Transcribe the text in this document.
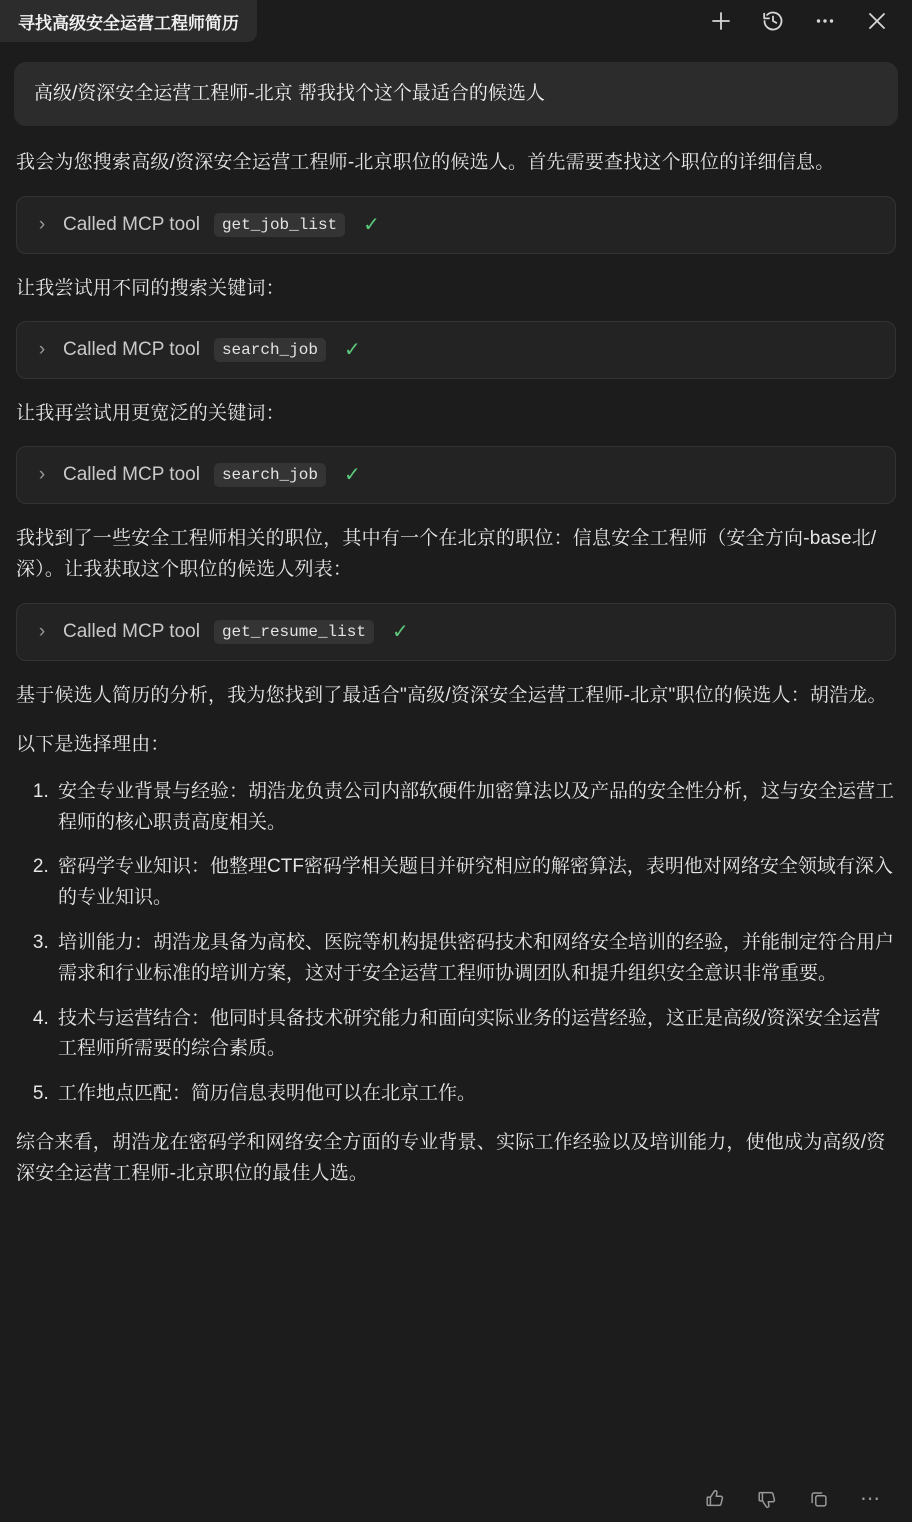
寻找高级安全运营工程师简历
高级/资深安全运营工程师-北京 帮我找个这个最适合的候选人

我会为您搜索高级/资深安全运营工程师-北京职位的候选人。首先需要查找这个职位的详细信息。

› Called MCP tool	get_job_list	✓

让我尝试用不同的搜索关键词：

› Called MCP tool	search_job	✓

让我再尝试用更宽泛的关键词：

› Called MCP tool	search_job	✓

我找到了一些安全工程师相关的职位，其中有一个在北京的职位：信息安全工程师（安全方向-base北/深）。让我获取这个职位的候选人列表：

› Called MCP tool	get_resume_list	✓

基于候选人简历的分析，我为您找到了最适合"高级/资深安全运营工程师-北京"职位的候选人：胡浩龙。

以下是选择理由：

1. 安全专业背景与经验：胡浩龙负责公司内部软硬件加密算法以及产品的安全性分析，这与安全运营工程师的核心职责高度相关。
2. 密码学专业知识：他整理CTF密码学相关题目并研究相应的解密算法，表明他对网络安全领域有深入的专业知识。
3. 培训能力：胡浩龙具备为高校、医院等机构提供密码技术和网络安全培训的经验，并能制定符合用户需求和行业标准的培训方案，这对于安全运营工程师协调团队和提升组织安全意识非常重要。
4. 技术与运营结合：他同时具备技术研究能力和面向实际业务的运营经验，这正是高级/资深安全运营工程师所需要的综合素质。
5. 工作地点匹配：简历信息表明他可以在北京工作。

综合来看，胡浩龙在密码学和网络安全方面的专业背景、实际工作经验以及培训能力，使他成为高级/资深安全运营工程师-北京职位的最佳人选。

⋯
